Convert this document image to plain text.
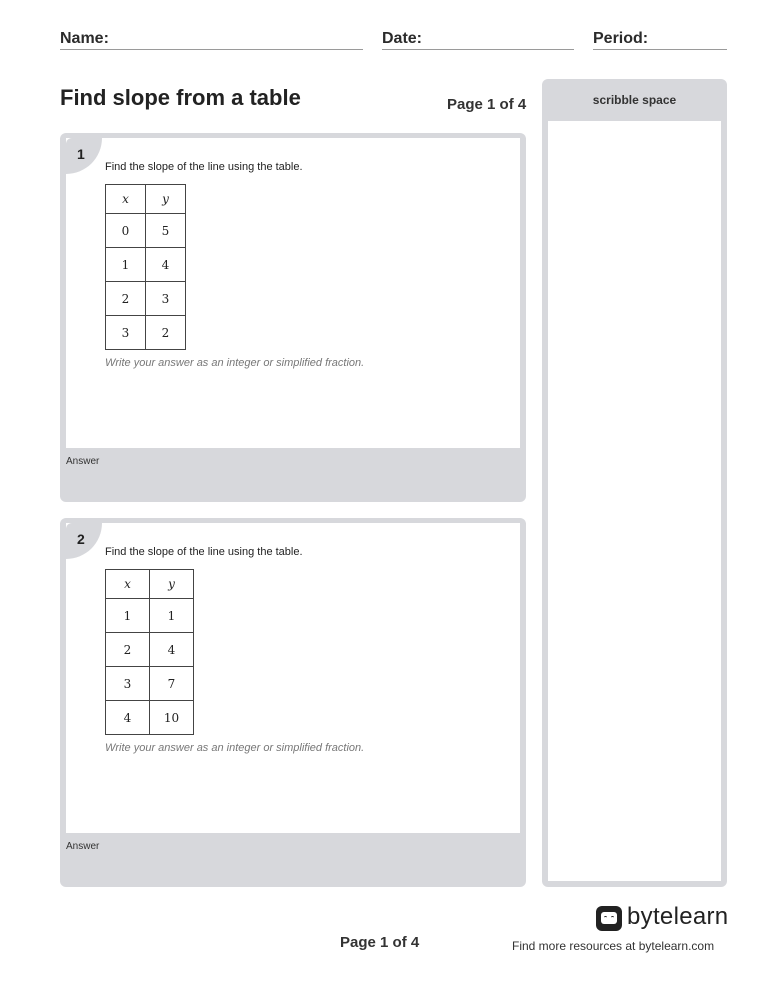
Name:	Date:	Period:
Find slope from a table	Page 1 of 4	scribble space
1
Find the slope of the line using the table.
x	y
0	5
1	4
2	3
3	2
Write your answer as an integer or simplified fraction.
Answer
2
Find the slope of the line using the table.
x	y
1	1
2	4
3	7
4	10
Write your answer as an integer or simplified fraction.
Answer
bytelearn
Page 1 of 4	Find more resources at bytelearn.com
